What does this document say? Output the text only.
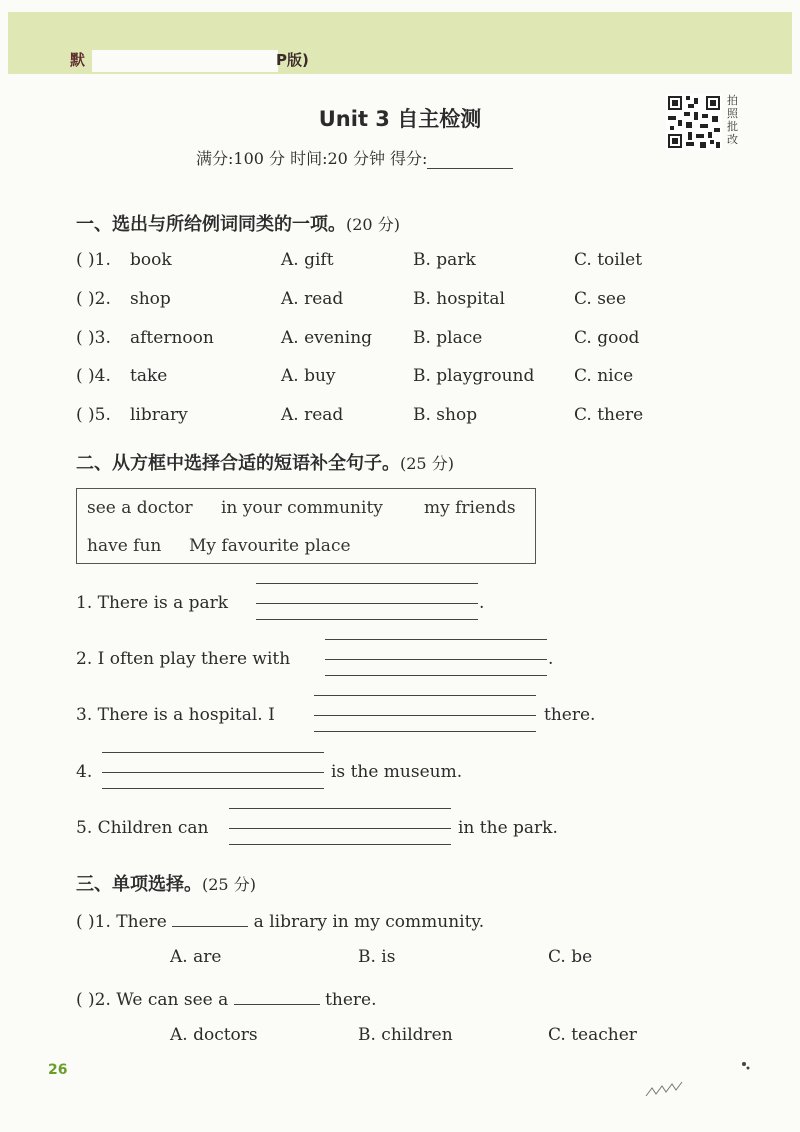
默	P版)
Unit 3 自主检测
满分:100 分 时间:20 分钟 得分:
拍
照
批
改
一、选出与所给例词同类的一项。(20 分)
( )1. book	A. gift	B. park	C. toilet
( )2. shop	A. read	B. hospital	C. see
( )3. afternoon	A. evening B. place	C. good
( )4. take	A. buy	B. playground C. nice
( )5. library	A. read	B. shop	C. there
二、从方框中选择合适的短语补全句子。(25 分)
see a doctor in your community my friends
have fun My favourite place
1. There is a park	.
2. I often play there with	.
3. There is a hospital. I	there.
4.	is the museum.
5. Children can	in the park.
三、单项选择。(25 分)
( )1. There	a library in my community.
A. are	B. is	C. be
( )2. We can see a	there.
A. doctors	B. children	C. teacher
26
